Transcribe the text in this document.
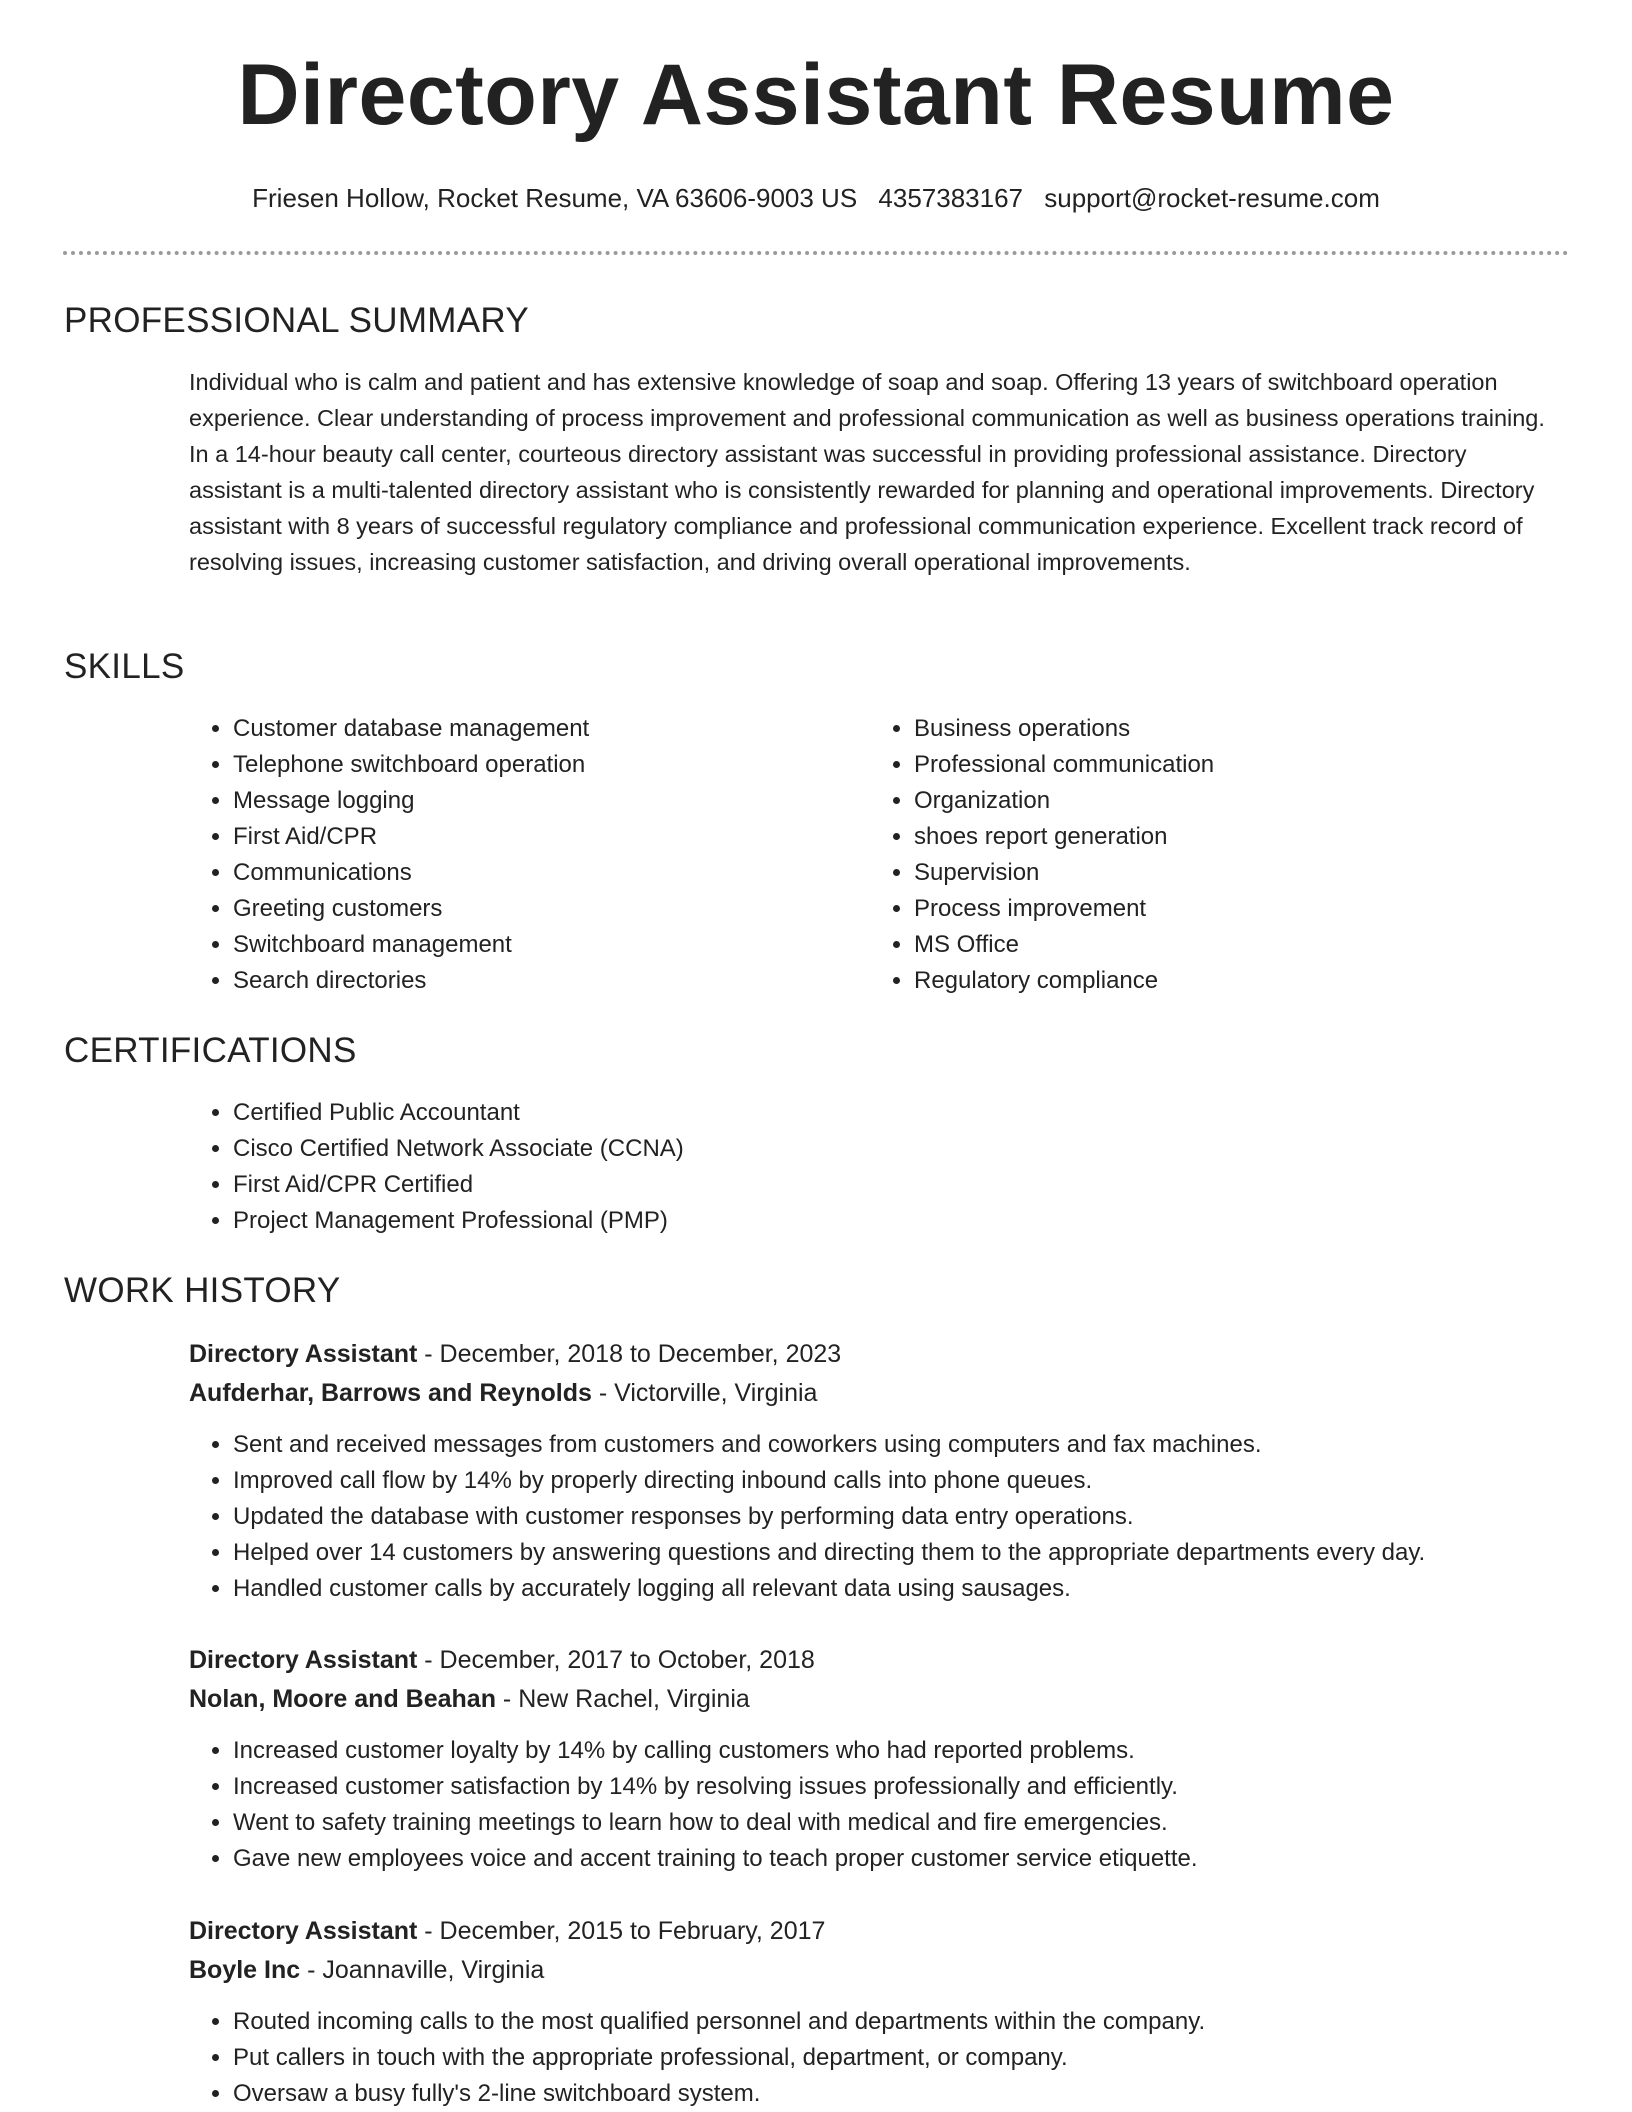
Directory Assistant Resume
Friesen Hollow, Rocket Resume, VA 63606-9003 US 4357383167 support@rocket-resume.com
PROFESSIONAL SUMMARY

Individual who is calm and patient and has extensive knowledge of soap and soap. Offering 13 years of switchboard operation experience. Clear understanding of process improvement and professional communication as well as business operations training. In a 14-hour beauty call center, courteous directory assistant was successful in providing professional assistance. Directory assistant is a multi-talented directory assistant who is consistently rewarded for planning and operational improvements. Directory assistant with 8 years of successful regulatory compliance and professional communication experience. Excellent track record of resolving issues, increasing customer satisfaction, and driving overall operational improvements.

SKILLS
• Customer database management
• Telephone switchboard operation
• Message logging
• First Aid/CPR
• Communications
• Greeting customers
• Switchboard management
• Search directories
• Business operations
• Professional communication
• Organization
• shoes report generation
• Supervision
• Process improvement
• MS Office
• Regulatory compliance
CERTIFICATIONS
• Certified Public Accountant
• Cisco Certified Network Associate (CCNA)
• First Aid/CPR Certified
• Project Management Professional (PMP)
WORK HISTORY
Directory Assistant - December, 2018 to December, 2023
Aufderhar, Barrows and Reynolds - Victorville, Virginia
• Sent and received messages from customers and coworkers using computers and fax machines.
• Improved call flow by 14% by properly directing inbound calls into phone queues.
• Updated the database with customer responses by performing data entry operations.
• Helped over 14 customers by answering questions and directing them to the appropriate departments every day.
• Handled customer calls by accurately logging all relevant data using sausages.
Directory Assistant - December, 2017 to October, 2018
Nolan, Moore and Beahan - New Rachel, Virginia
• Increased customer loyalty by 14% by calling customers who had reported problems.
• Increased customer satisfaction by 14% by resolving issues professionally and efficiently.
• Went to safety training meetings to learn how to deal with medical and fire emergencies.
• Gave new employees voice and accent training to teach proper customer service etiquette.
Directory Assistant - December, 2015 to February, 2017
Boyle Inc - Joannaville, Virginia
• Routed incoming calls to the most qualified personnel and departments within the company.
• Put callers in touch with the appropriate professional, department, or company.
• Oversaw a busy fully's 2-line switchboard system.
